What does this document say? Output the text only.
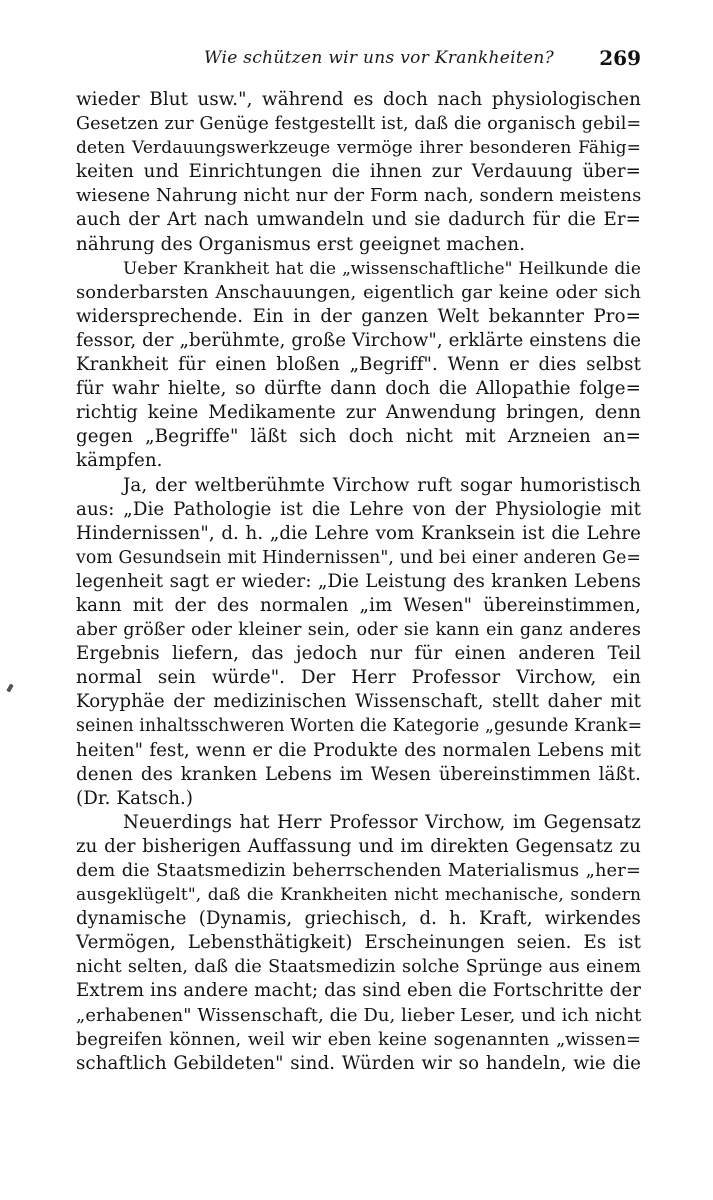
Wie schützen wir uns vor Krankheiten? 269
wieder Blut usw.", während es doch nach physiologischen
Gesetzen zur Genüge festgestellt ist, daß die organisch gebil=
deten Verdauungswerkzeuge vermöge ihrer besonderen Fähig=
keiten und Einrichtungen die ihnen zur Verdauung über=
wiesene Nahrung nicht nur der Form nach, sondern meistens
auch der Art nach umwandeln und sie dadurch für die Er=
nährung des Organismus erst geeignet machen.
Ueber Krankheit hat die „wissenschaftliche" Heilkunde die
sonderbarsten Anschauungen, eigentlich gar keine oder sich
widersprechende. Ein in der ganzen Welt bekannter Pro=
fessor, der „berühmte, große Virchow", erklärte einstens die
Krankheit für einen bloßen „Begriff". Wenn er dies selbst
für wahr hielte, so dürfte dann doch die Allopathie folge=
richtig keine Medikamente zur Anwendung bringen, denn
gegen „Begriffe" läßt sich doch nicht mit Arzneien an=
kämpfen.
Ja, der weltberühmte Virchow ruft sogar humoristisch
aus: „Die Pathologie ist die Lehre von der Physiologie mit
Hindernissen", d. h. „die Lehre vom Kranksein ist die Lehre
vom Gesundsein mit Hindernissen", und bei einer anderen Ge=
legenheit sagt er wieder: „Die Leistung des kranken Lebens
kann mit der des normalen „im Wesen" übereinstimmen,
aber größer oder kleiner sein, oder sie kann ein ganz anderes
Ergebnis liefern, das jedoch nur für einen anderen Teil
normal sein würde". Der Herr Professor Virchow, ein
Koryphäe der medizinischen Wissenschaft, stellt daher mit
seinen inhaltsschweren Worten die Kategorie „gesunde Krank=
heiten" fest, wenn er die Produkte des normalen Lebens mit
denen des kranken Lebens im Wesen übereinstimmen läßt.
(Dr. Katsch.)
Neuerdings hat Herr Professor Virchow, im Gegensatz
zu der bisherigen Auffassung und im direkten Gegensatz zu
dem die Staatsmedizin beherrschenden Materialismus „her=
ausgeklügelt", daß die Krankheiten nicht mechanische, sondern
dynamische (Dynamis, griechisch, d. h. Kraft, wirkendes
Vermögen, Lebensthätigkeit) Erscheinungen seien. Es ist
nicht selten, daß die Staatsmedizin solche Sprünge aus einem
Extrem ins andere macht; das sind eben die Fortschritte der
„erhabenen" Wissenschaft, die Du, lieber Leser, und ich nicht
begreifen können, weil wir eben keine sogenannten „wissen=
schaftlich Gebildeten" sind. Würden wir so handeln, wie die
